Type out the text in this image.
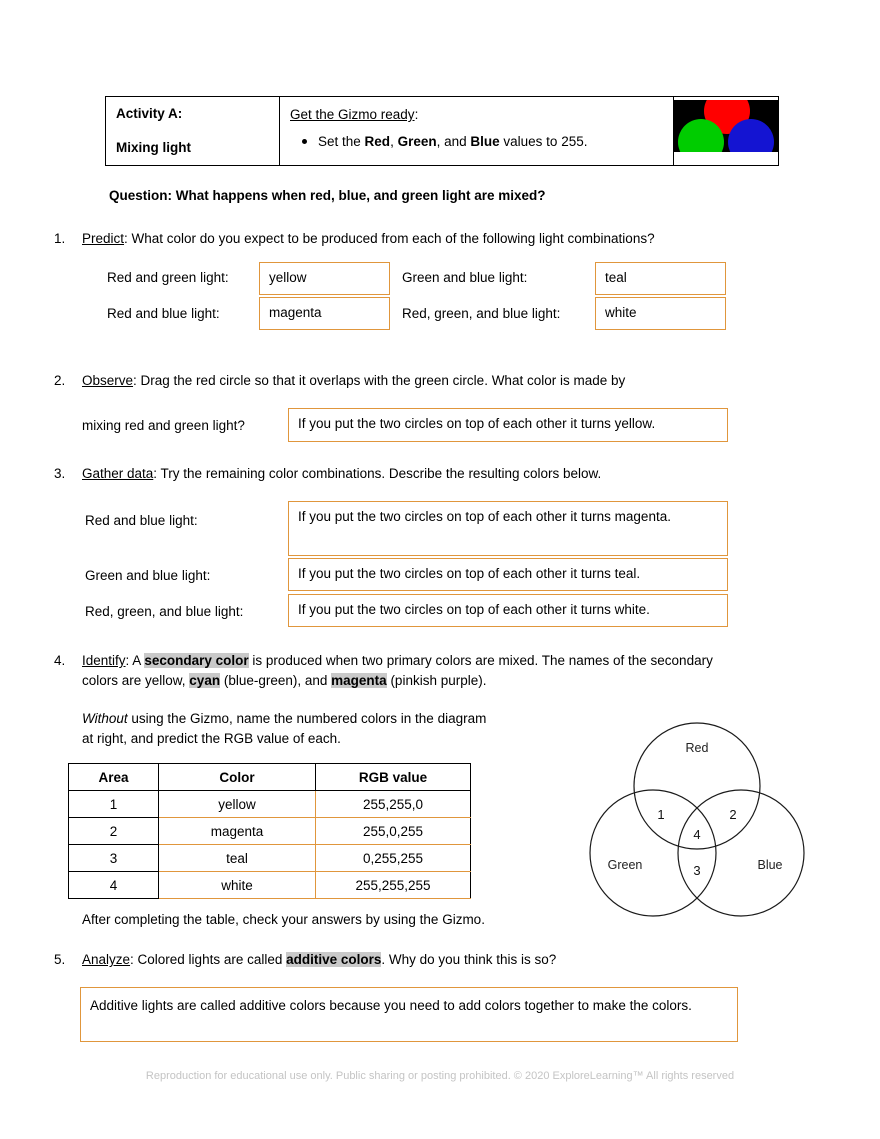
Activity A:
Mixing light	
Get the Gizmo ready:
Set the Red, Green, and Blue values to 255.

Question: What happens when red, blue, and green light are mixed?
1.	Predict: What color do you expect to be produced from each of the following light combinations?
Red and green light:	yellow	Green and blue light:	teal
Red and blue light:	magenta	Red, green, and blue light:	white
2.	Observe: Drag the red circle so that it overlaps with the green circle. What color is made by
mixing red and green light?	If you put the two circles on top of each other it turns yellow.
3.	Gather data: Try the remaining color combinations. Describe the resulting colors below.
Red and blue light:	If you put the two circles on top of each other it turns magenta.
Green and blue light:	If you put the two circles on top of each other it turns teal.
Red, green, and blue light:	If you put the two circles on top of each other it turns white.
4.	Identify: A secondary color is produced when two primary colors are mixed. The names of the secondary
colors are yellow, cyan (blue-green), and magenta (pinkish purple).
Without using the Gizmo, name the numbered colors in the diagram
at right, and predict the RGB value of each.
Area	Color	RGB value
1	yellow	255,255,0
2	magenta	255,0,255
3	teal	0,255,255
4	white	255,255,255
Red
Green	Blue
1	2
3
4
After completing the table, check your answers by using the Gizmo.
5.	Analyze: Colored lights are called additive colors. Why do you think this is so?
Additive lights are called additive colors because you need to add colors together to make the colors.
Reproduction for educational use only. Public sharing or posting prohibited. © 2020 ExploreLearning™ All rights reserved
